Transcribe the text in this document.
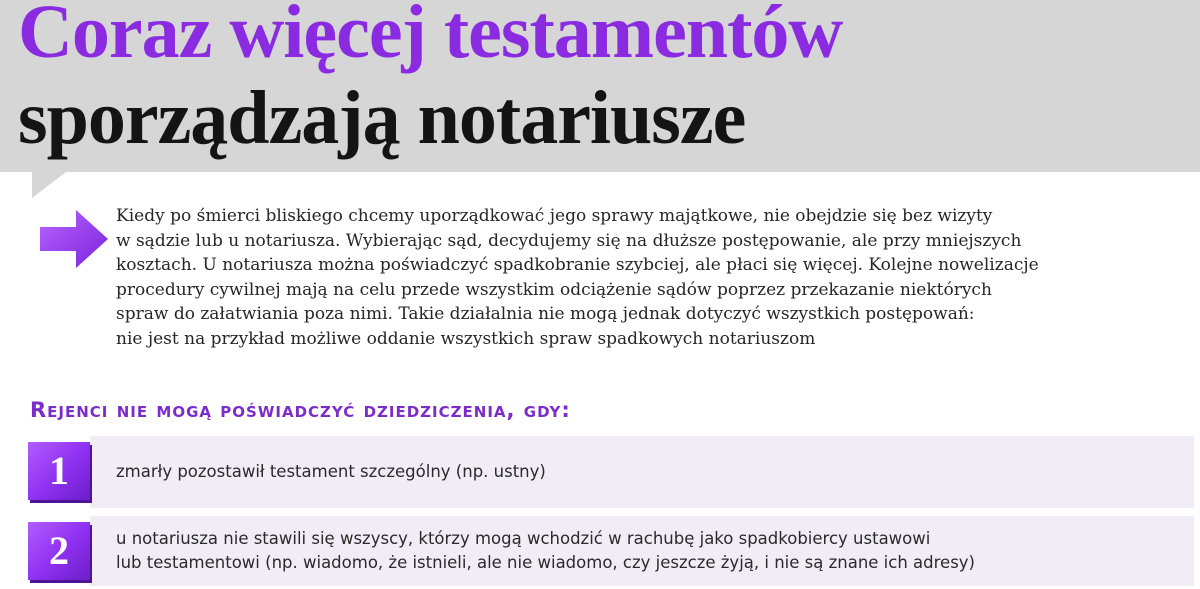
Coraz więcej testamentów
sporządzają notariusze
Kiedy po śmierci bliskiego chcemy uporządkować jego sprawy majątkowe, nie obejdzie się bez wizyty
w sądzie lub u notariusza. Wybierając sąd, decydujemy się na dłuższe postępowanie, ale przy mniejszych
kosztach. U notariusza można poświadczyć spadkobranie szybciej, ale płaci się więcej. Kolejne nowelizacje
procedury cywilnej mają na celu przede wszystkim odciążenie sądów poprzez przekazanie niektórych
spraw do załatwiania poza nimi. Takie działalnia nie mogą jednak dotyczyć wszystkich postępowań:
nie jest na przykład możliwe oddanie wszystkich spraw spadkowych notariuszom
Rejenci nie mogą poświadczyć dziedziczenia, gdy:
zmarły pozostawił testament szczególny (np. ustny)
1
u notariusza nie stawili się wszyscy, którzy mogą wchodzić w rachubę jako spadkobiercy ustawowi
lub testamentowi (np. wiadomo, że istnieli, ale nie wiadomo, czy jeszcze żyją, i nie są znane ich adresy)
2
